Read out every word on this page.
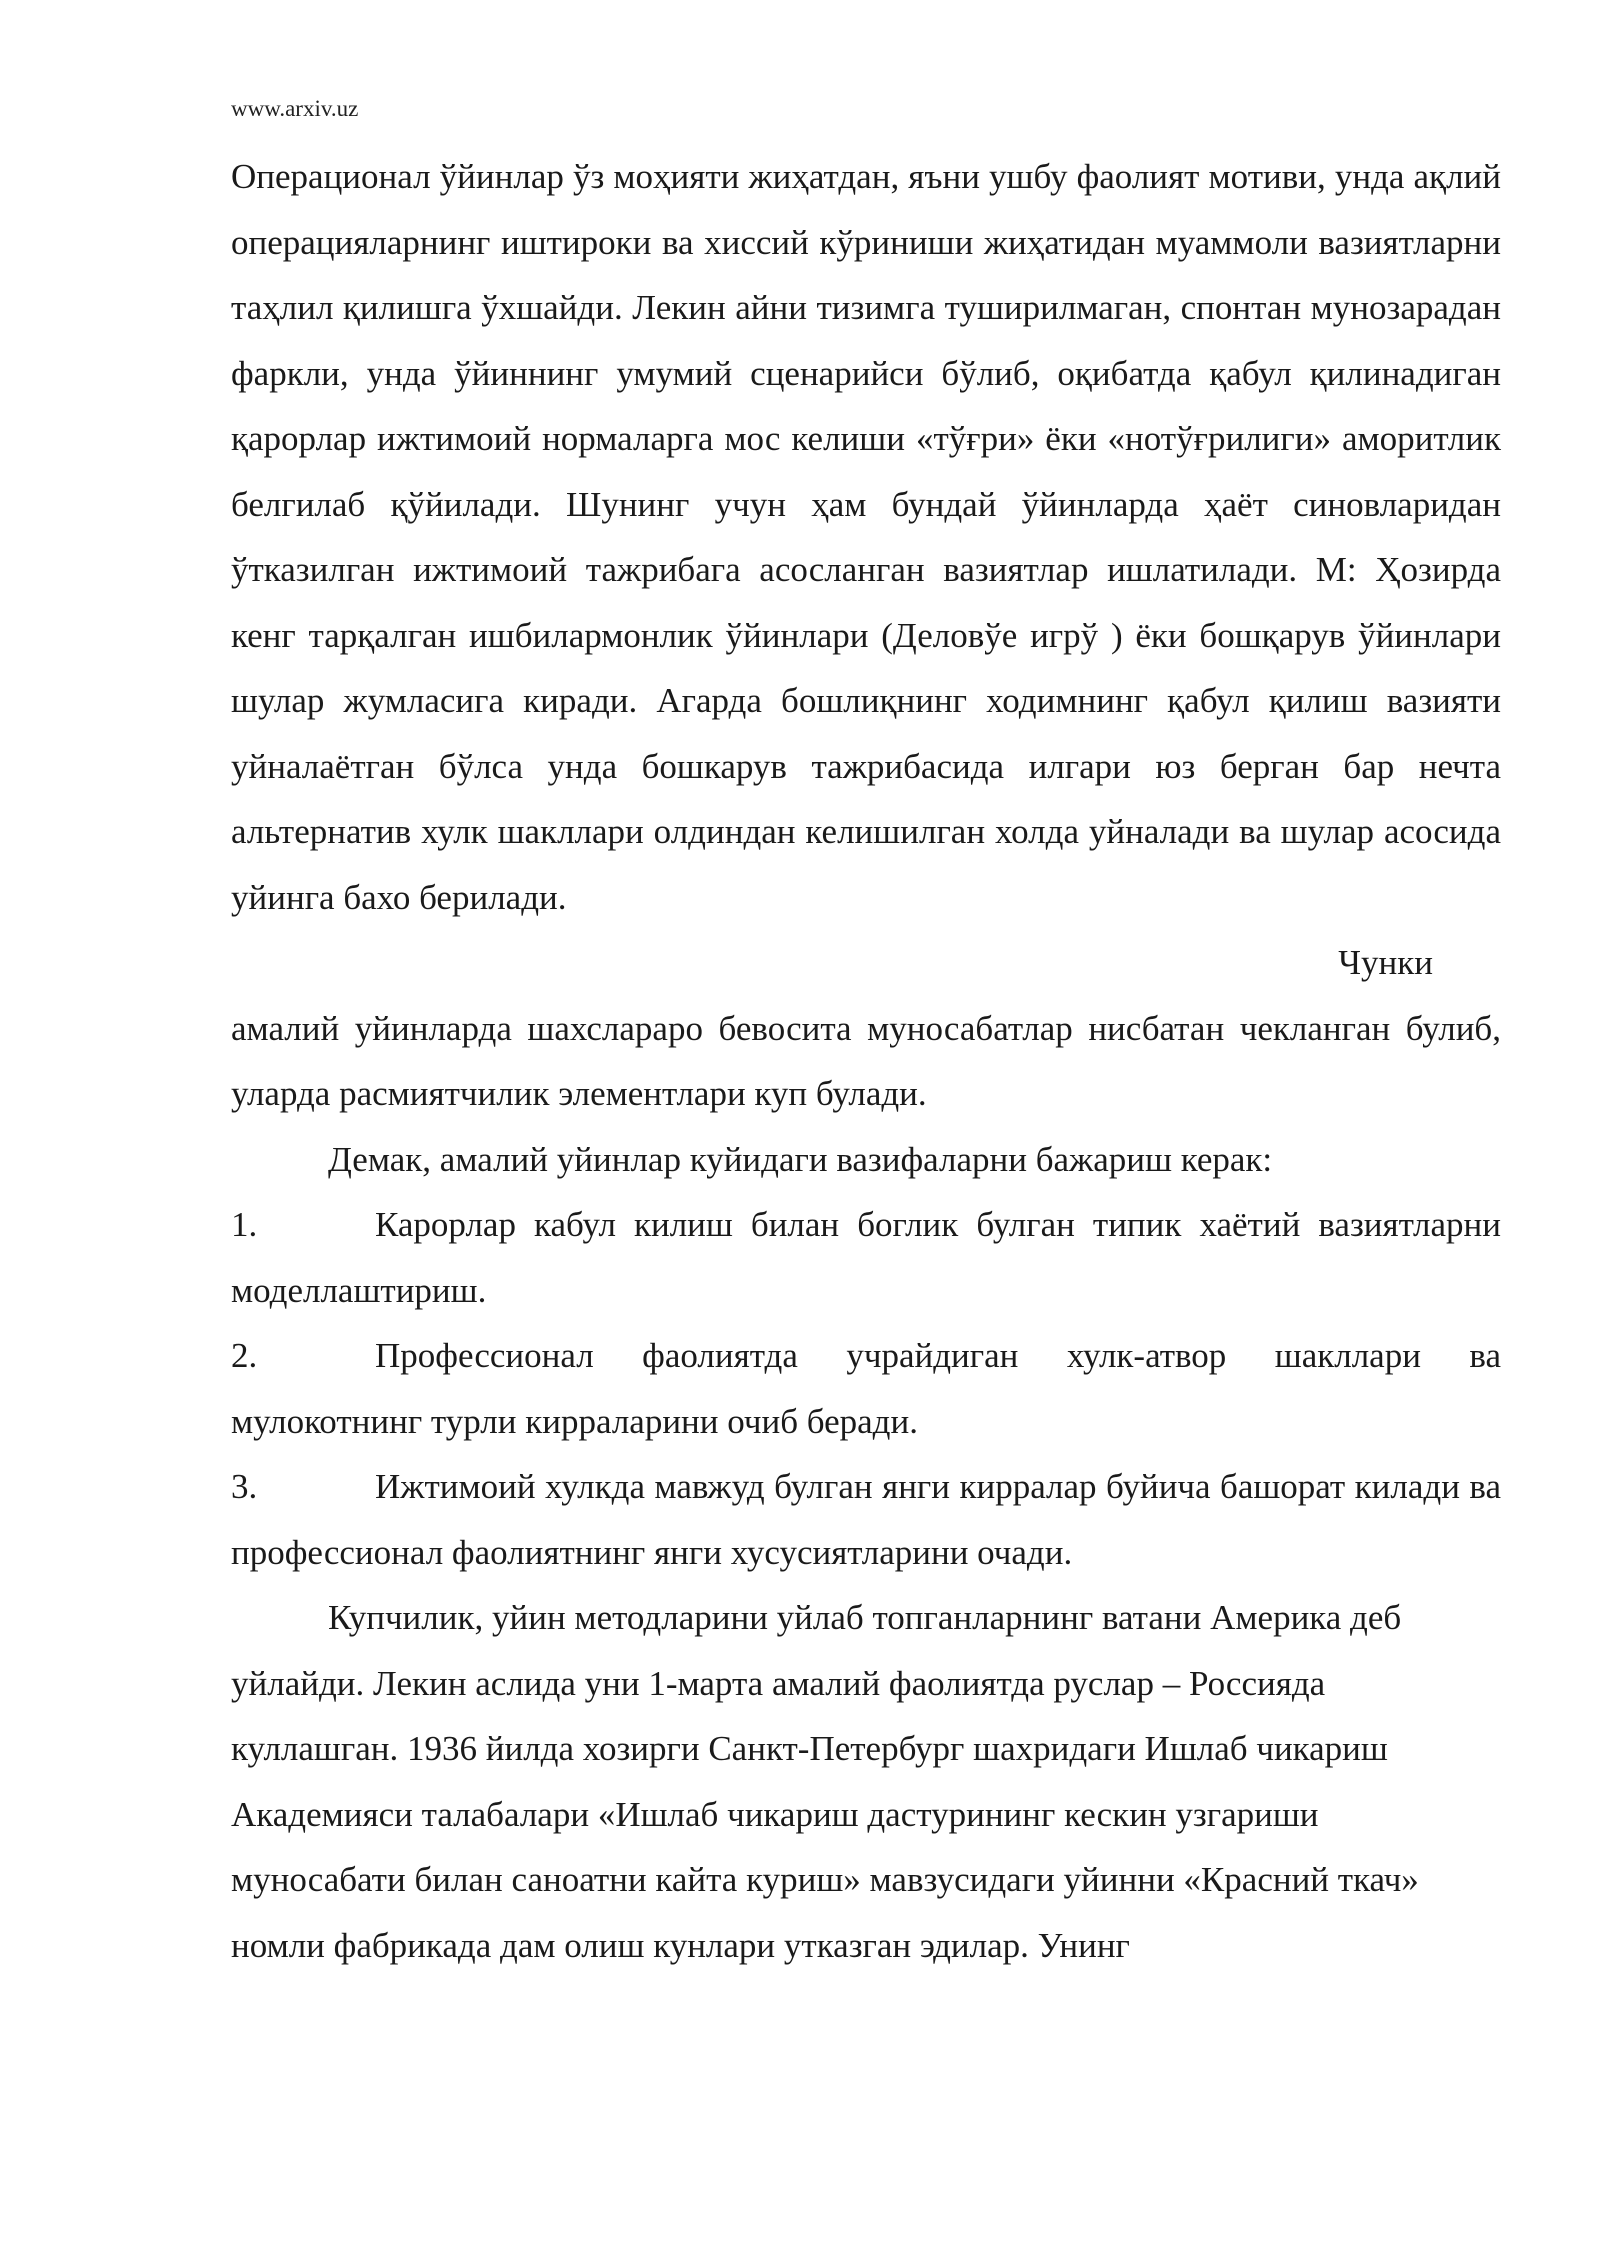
www.arxiv.uz

Операционал ўйинлар ўз моҳияти жиҳатдан, яъни ушбу фаолият мотиви, унда ақлий операцияларнинг иштироки ва хиссий кўриниши жиҳатидан муаммоли вазиятларни таҳлил қилишга ўхшайди. Лекин айни тизимга туширилмаган, спонтан мунозарадан фаркли, унда ўйиннинг умумий сценарийси бўлиб, оқибатда қабул қилинадиган қарорлар ижтимоий нормаларга мос келиши «тўғри» ёки «нотўғрилиги» аморитлик белгилаб қўйилади. Шунинг учун ҳам бундай ўйинларда ҳаёт синовларидан ўтказилган ижтимоий тажрибага асосланган вазиятлар ишлатилади. М: Ҳозирда кенг тарқалган ишбилармонлик ўйинлари (Деловўе игрў ) ёки бошқарув ўйинлари шулар жумласига киради. Агарда бошлиқнинг ходимнинг қабул қилиш вазияти уйналаётган бўлса унда бошкарув тажрибасида илгари юз берган бар нечта альтернатив хулк шакллари олдиндан келишилган холда уйналади ва шулар асосида уйинга бахо берилади.

Чунки

амалий уйинларда шахслараро бевосита муносабатлар нисбатан чекланган булиб, уларда расмиятчилик элементлари куп булади.

Демак, амалий уйинлар куйидаги вазифаларни бажариш керак:

1.	Карорлар кабул килиш билан боглик булган типик хаётий вазиятларни моделлаштириш.

2.	Профессионал фаолиятда учрайдиган хулк-атвор шакллари ва мулокотнинг турли кирраларини очиб беради.

3.	Ижтимоий хулкда мавжуд булган янги кирралар буйича башорат килади ва профессионал фаолиятнинг янги хусусиятларини очади.

Купчилик, уйин методларини уйлаб топганларнинг ватани Америка деб уйлайди. Лекин аслида уни 1-марта амалий фаолиятда руслар – Россияда куллашган. 1936 йилда хозирги Санкт-Петербург шахридаги Ишлаб чикариш Академияси талабалари «Ишлаб чикариш дастурининг кескин узгариши муносабати билан саноатни кайта куриш» мавзусидаги уйинни «Красний ткач» номли фабрикада дам олиш кунлари утказган эдилар. Унинг
